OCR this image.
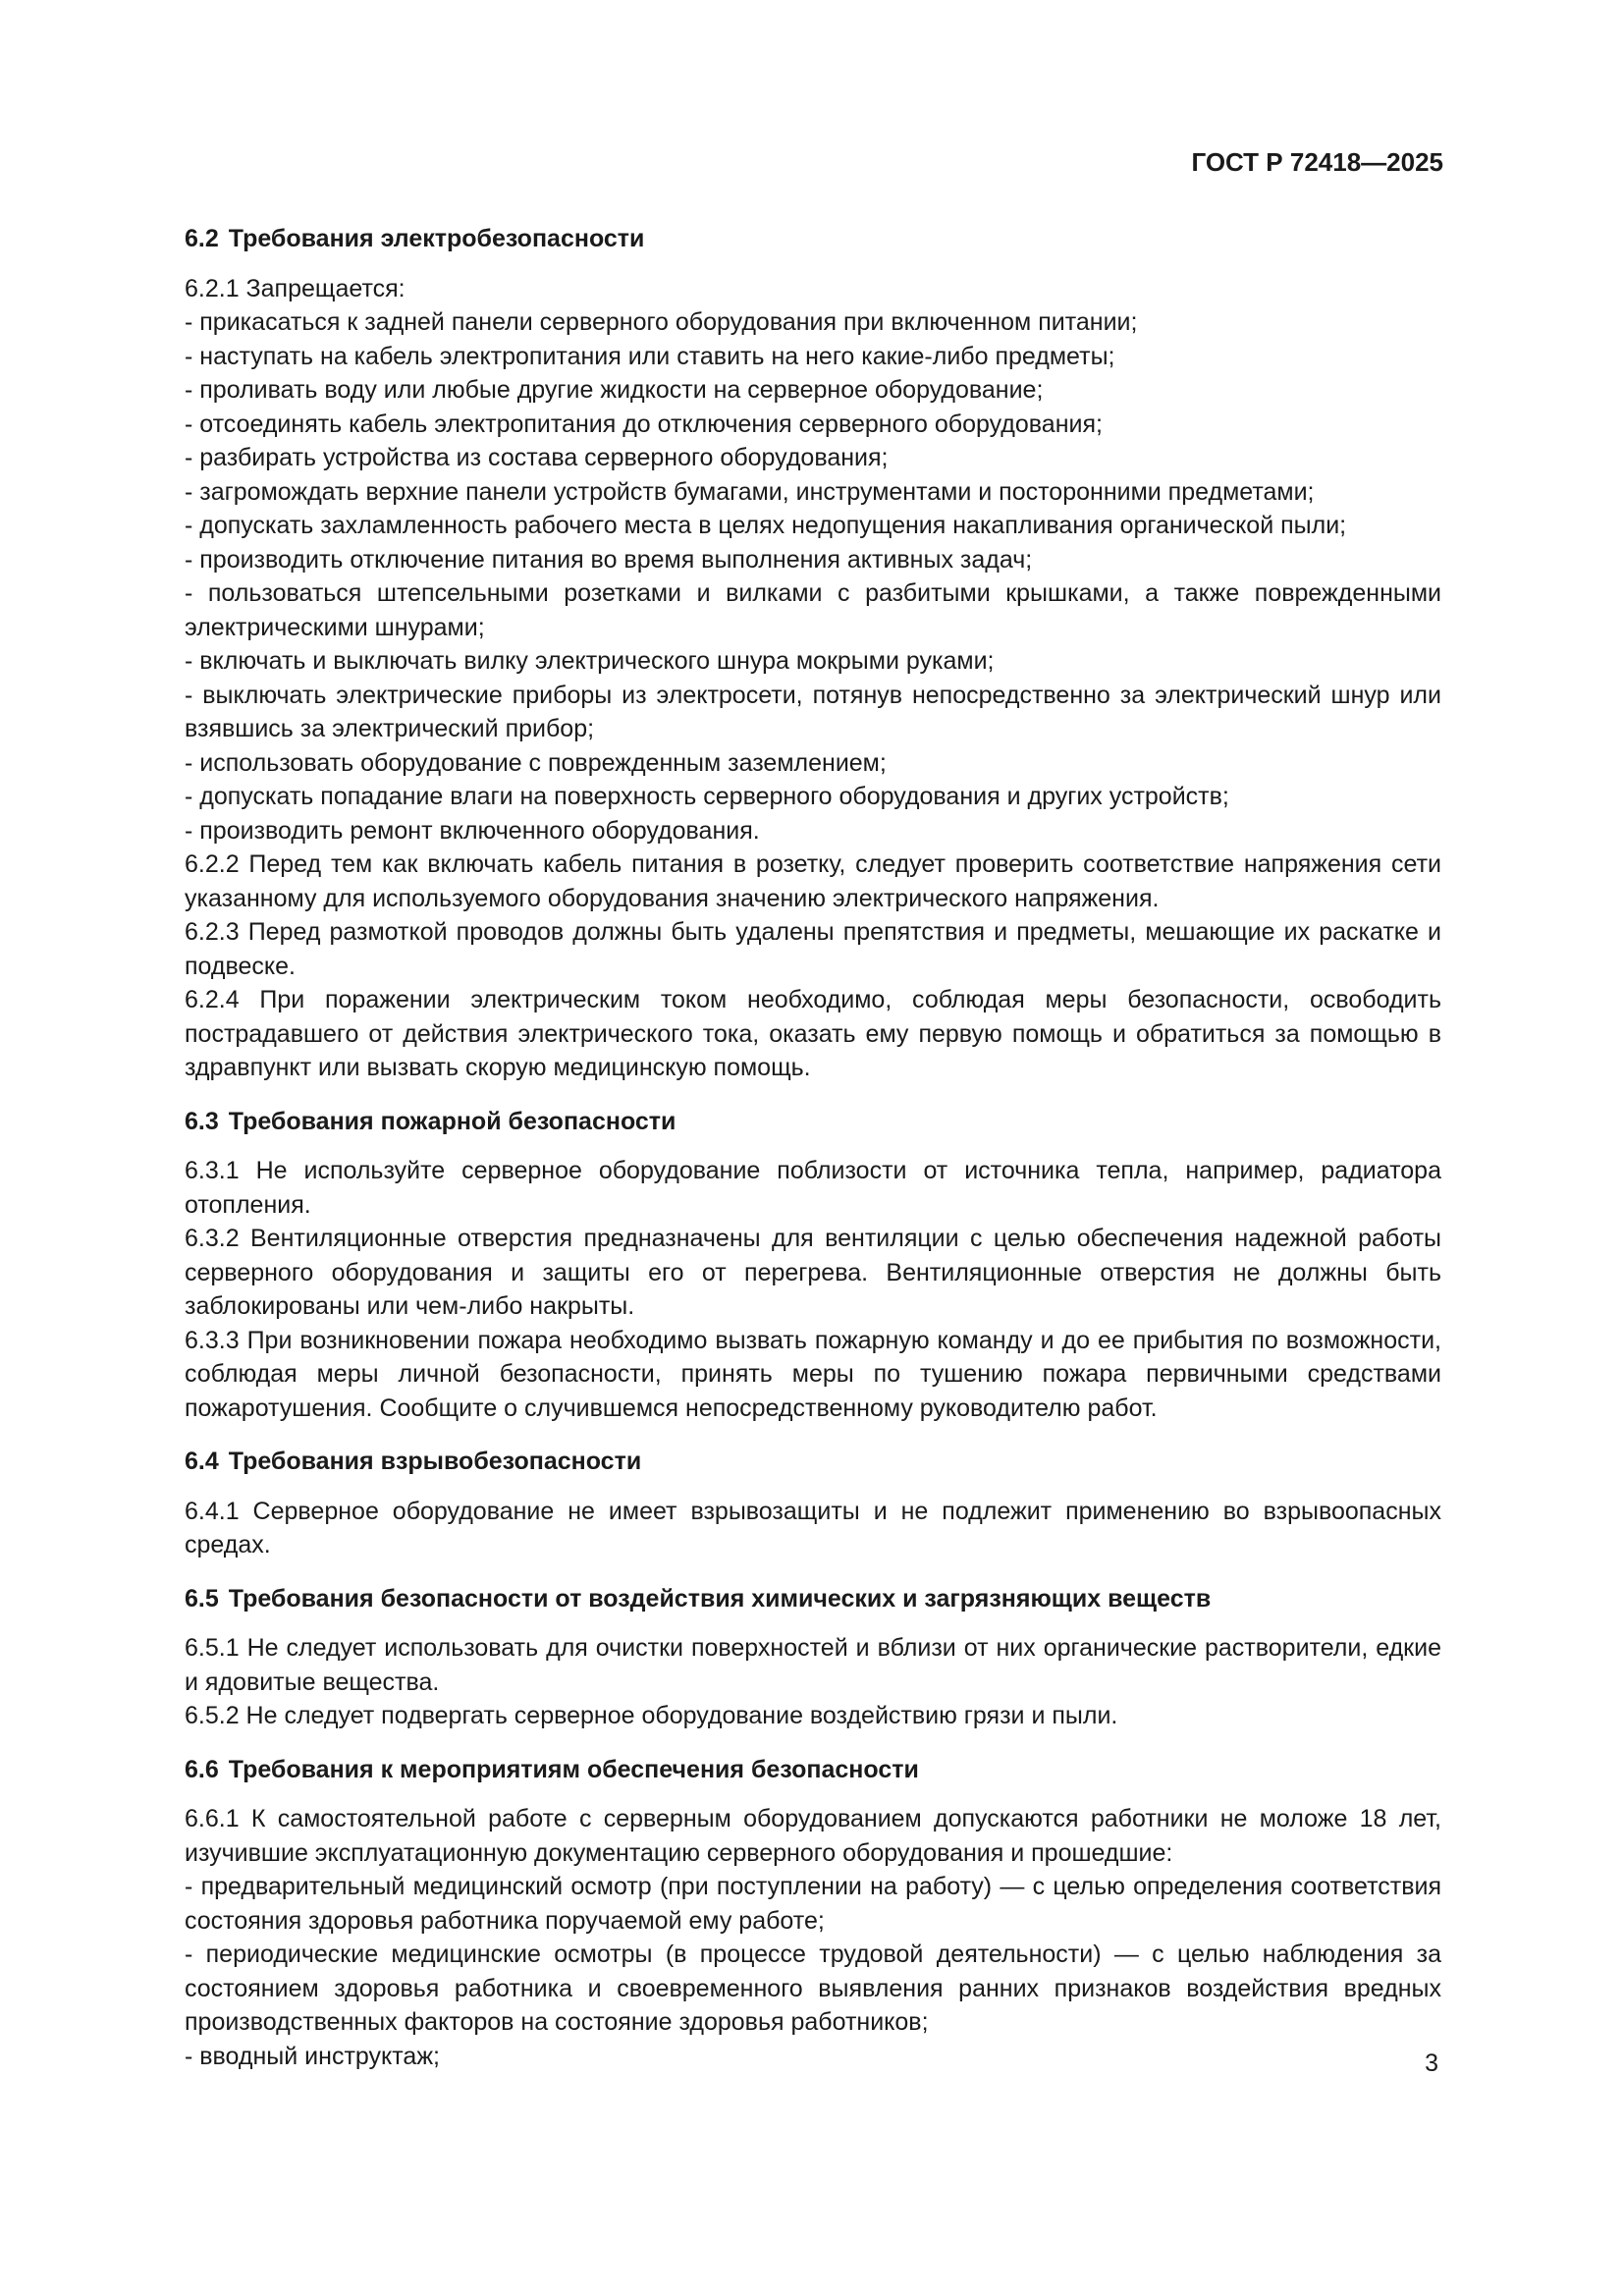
ГОСТ Р 72418—2025
6.2 Требования электробезопасности

6.2.1 Запрещается:

- прикасаться к задней панели серверного оборудования при включенном питании;

- наступать на кабель электропитания или ставить на него какие-либо предметы;

- проливать воду или любые другие жидкости на серверное оборудование;

- отсоединять кабель электропитания до отключения серверного оборудования;

- разбирать устройства из состава серверного оборудования;

- загромождать верхние панели устройств бумагами, инструментами и посторонними предметами;

- допускать захламленность рабочего места в целях недопущения накапливания органической пыли;

- производить отключение питания во время выполнения активных задач;

- пользоваться штепсельными розетками и вилками с разбитыми крышками, а также поврежденными электрическими шнурами;

- включать и выключать вилку электрического шнура мокрыми руками;

- выключать электрические приборы из электросети, потянув непосредственно за электрический шнур или взявшись за электрический прибор;

- использовать оборудование с поврежденным заземлением;

- допускать попадание влаги на поверхность серверного оборудования и других устройств;

- производить ремонт включенного оборудования.

6.2.2 Перед тем как включать кабель питания в розетку, следует проверить соответствие напряжения сети указанному для используемого оборудования значению электрического напряжения.

6.2.3 Перед размоткой проводов должны быть удалены препятствия и предметы, мешающие их раскатке и подвеске.

6.2.4 При поражении электрическим током необходимо, соблюдая меры безопасности, освободить пострадавшего от действия электрического тока, оказать ему первую помощь и обратиться за помощью в здравпункт или вызвать скорую медицинскую помощь.

6.3 Требования пожарной безопасности

6.3.1 Не используйте серверное оборудование поблизости от источника тепла, например, радиатора отопления.

6.3.2 Вентиляционные отверстия предназначены для вентиляции с целью обеспечения надежной работы серверного оборудования и защиты его от перегрева. Вентиляционные отверстия не должны быть заблокированы или чем-либо накрыты.

6.3.3 При возникновении пожара необходимо вызвать пожарную команду и до ее прибытия по возможности, соблюдая меры личной безопасности, принять меры по тушению пожара первичными средствами пожаротушения. Сообщите о случившемся непосредственному руководителю работ.

6.4 Требования взрывобезопасности

6.4.1 Серверное оборудование не имеет взрывозащиты и не подлежит применению во взрывоопасных средах.

6.5 Требования безопасности от воздействия химических и загрязняющих веществ

6.5.1 Не следует использовать для очистки поверхностей и вблизи от них органические растворители, едкие и ядовитые вещества.

6.5.2 Не следует подвергать серверное оборудование воздействию грязи и пыли.

6.6 Требования к мероприятиям обеспечения безопасности

6.6.1 К самостоятельной работе с серверным оборудованием допускаются работники не моложе 18 лет, изучившие эксплуатационную документацию серверного оборудования и прошедшие:

- предварительный медицинский осмотр (при поступлении на работу) — с целью определения соответствия состояния здоровья работника поручаемой ему работе;

- периодические медицинские осмотры (в процессе трудовой деятельности) — с целью наблюдения за состоянием здоровья работника и своевременного выявления ранних признаков воздействия вредных производственных факторов на состояние здоровья работников;

- вводный инструктаж;	3
